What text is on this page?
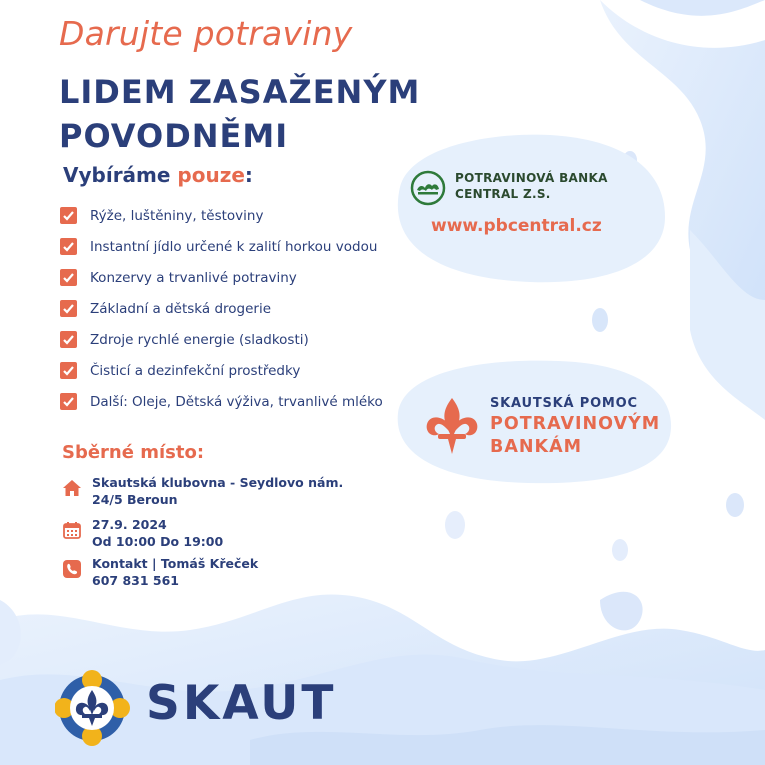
Darujte potraviny
LIDEM ZASAŽENÝM
POVODNĚMI
Vybíráme pouze:
Rýže, luštěniny, těstoviny
Instantní jídlo určené k zalití horkou vodou
Konzervy a trvanlivé potraviny
Základní a dětská drogerie
Zdroje rychlé energie (sladkosti)
Čisticí a dezinfekční prostředky
Další: Oleje, Dětská výživa, trvanlivé mléko
Sběrné místo:
Skautská klubovna - Seydlovo nám.
24/5 Beroun
27.9. 2024
Od 10:00 Do 19:00
Kontakt | Tomáš Křeček
607 831 561
POTRAVINOVÁ BANKA
CENTRAL Z.S.
www.pbcentral.cz
SKAUTSKÁ POMOC
POTRAVINOVÝM
BANKÁM
SKAUT
